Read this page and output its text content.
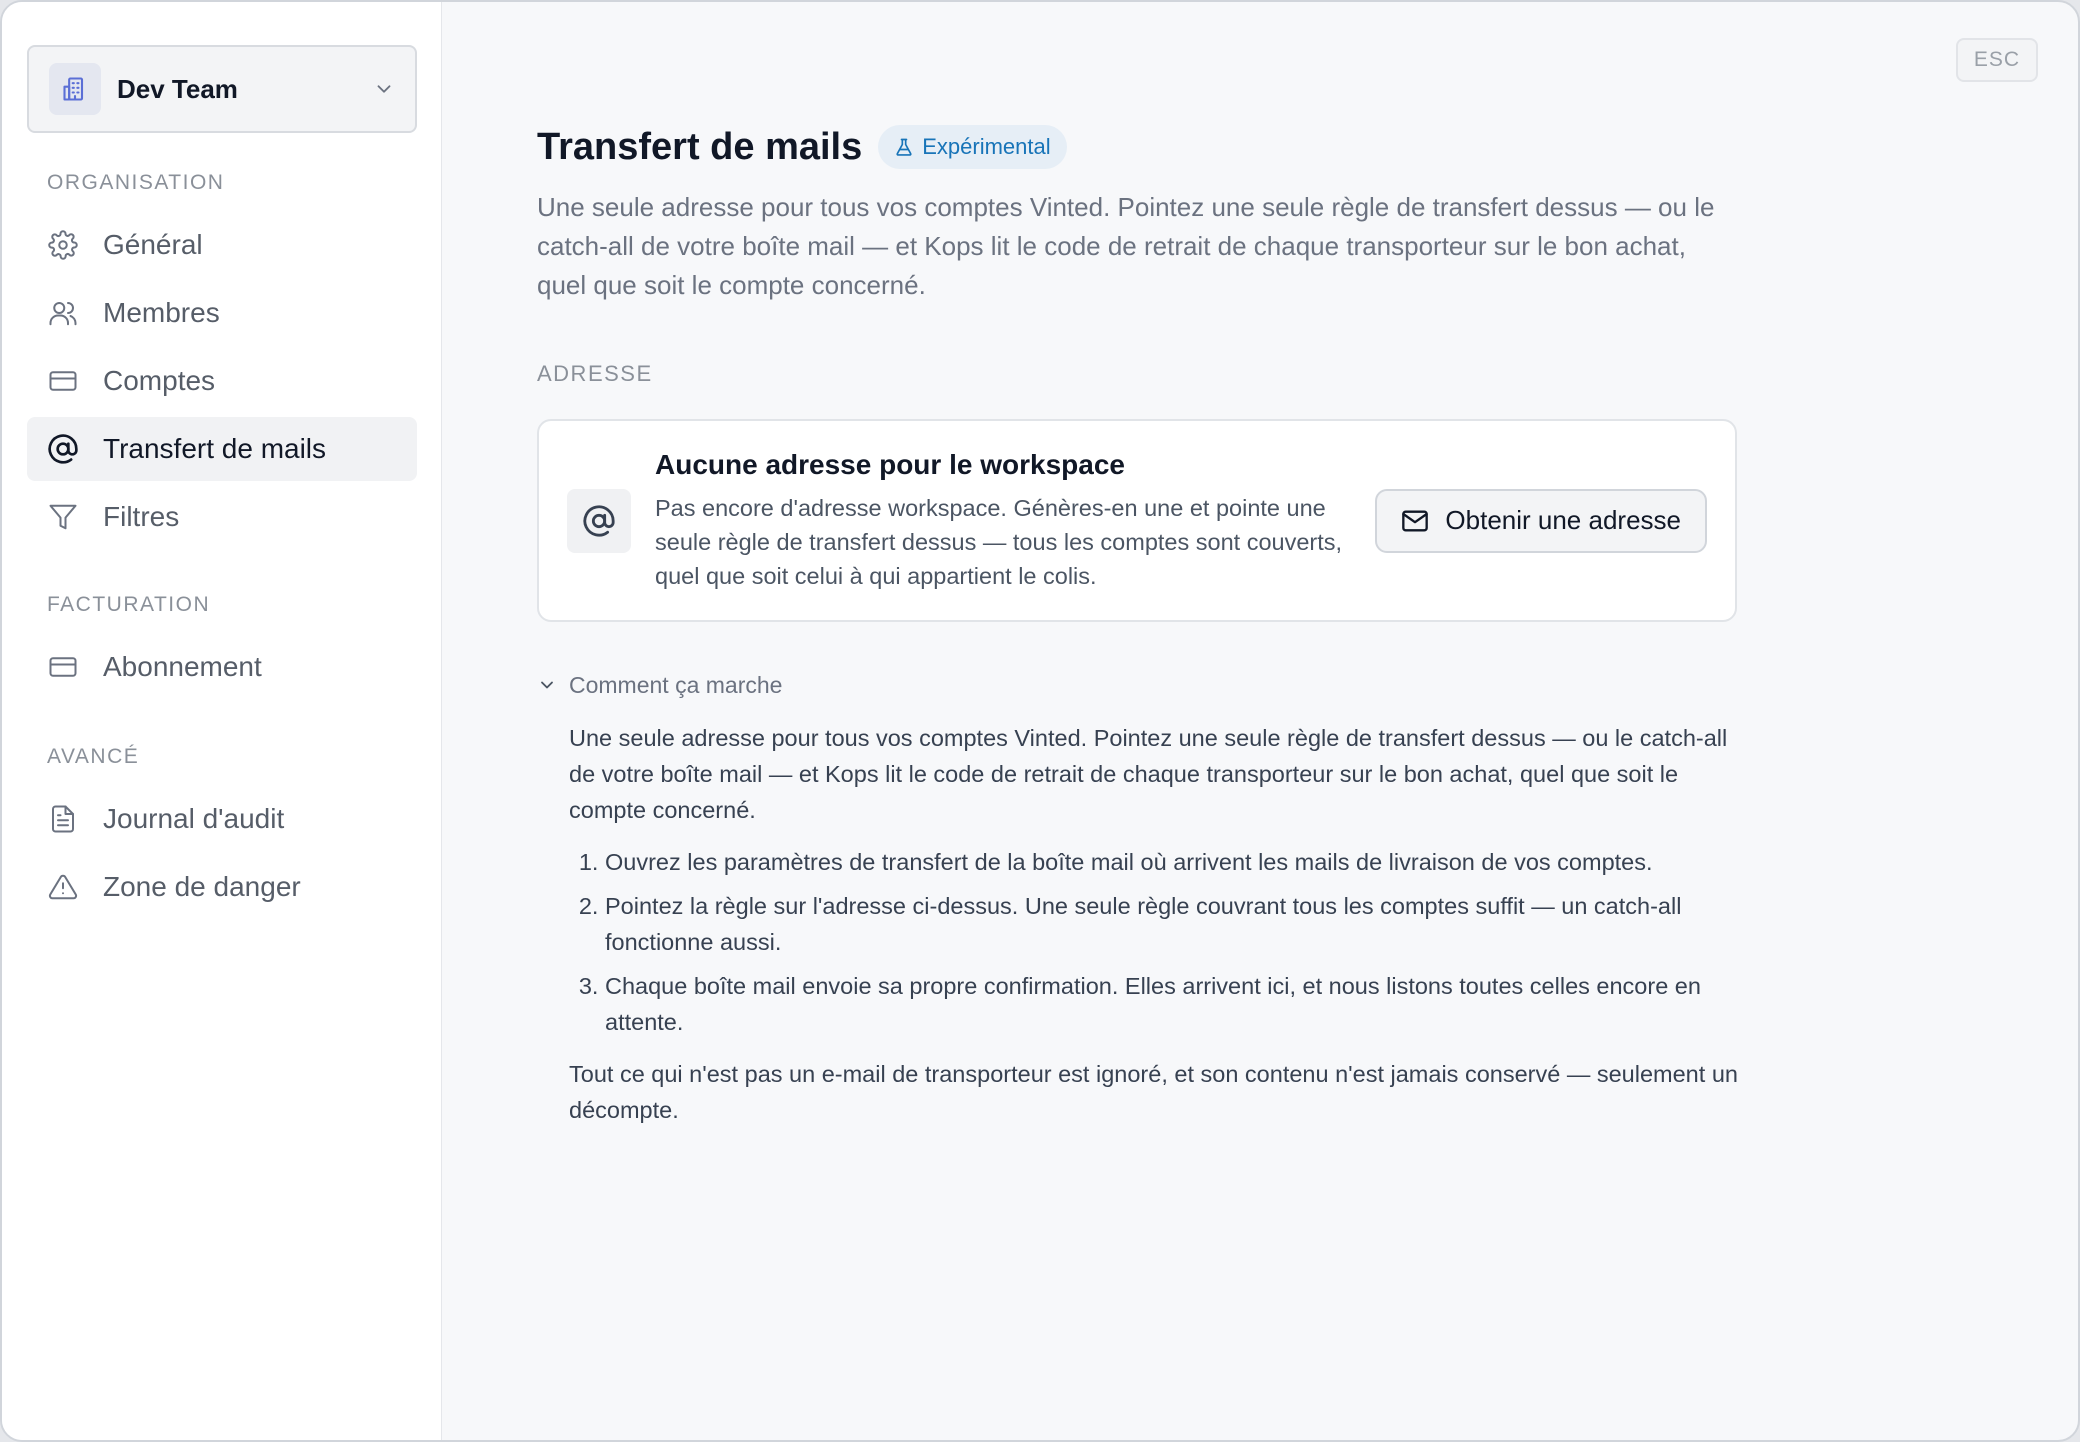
Dev Team
ORGANISATION
Général
Membres
Comptes
Transfert de mails
Filtres
FACTURATION
Abonnement
AVANCÉ
Journal d'audit
Zone de danger
ESC
Transfert de mails	Expérimental

Une seule adresse pour tous vos comptes Vinted. Pointez une seule règle de transfert dessus — ou le catch-all de votre boîte mail — et Kops lit le code de retrait de chaque transporteur sur le bon achat, quel que soit le compte concerné.

ADRESSE
Aucune adresse pour le workspace
Pas encore d'adresse workspace. Génères-en une et pointe une seule règle de transfert dessus — tous les comptes sont couverts, quel que soit celui à qui appartient le colis.
Obtenir une adresse
Comment ça marche

Une seule adresse pour tous vos comptes Vinted. Pointez une seule règle de transfert dessus — ou le catch-all de votre boîte mail — et Kops lit le code de retrait de chaque transporteur sur le bon achat, quel que soit le compte concerné.

1. Ouvrez les paramètres de transfert de la boîte mail où arrivent les mails de livraison de vos comptes.
2. Pointez la règle sur l'adresse ci-dessus. Une seule règle couvrant tous les comptes suffit — un catch-all fonctionne aussi.
3. Chaque boîte mail envoie sa propre confirmation. Elles arrivent ici, et nous listons toutes celles encore en attente.

Tout ce qui n'est pas un e-mail de transporteur est ignoré, et son contenu n'est jamais conservé — seulement un décompte.
